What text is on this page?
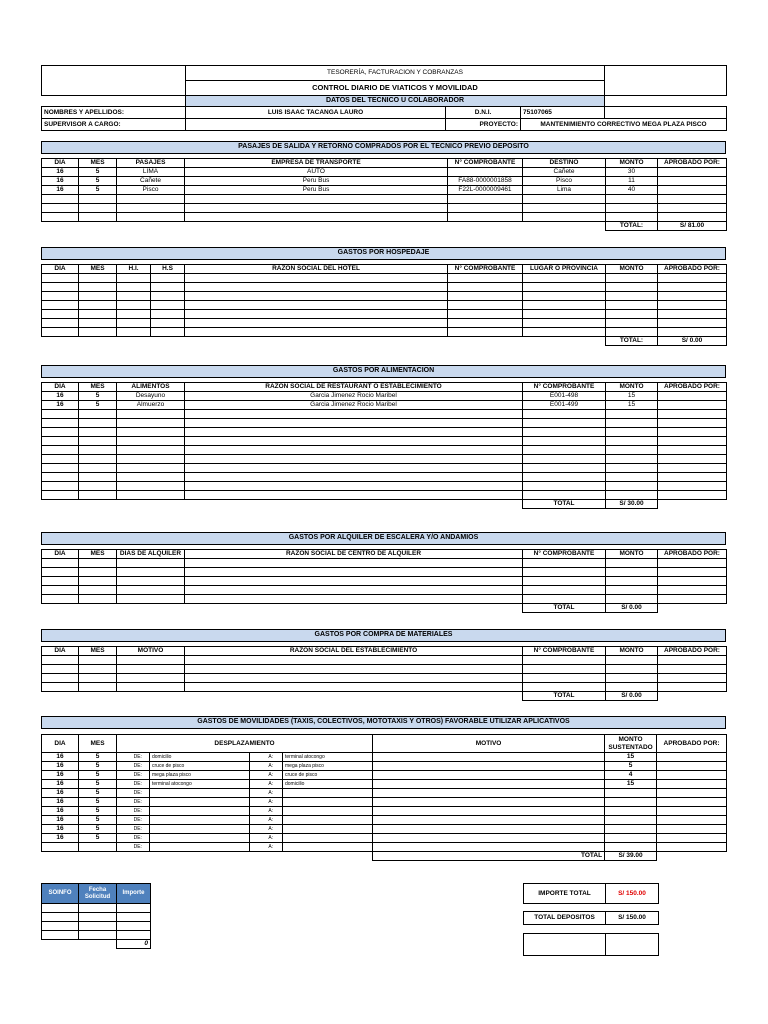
	TESORERÍA, FACTURACION Y COBRANZAS			
	CONTROL DIARIO DE VIATICOS Y MOVILIDAD			
	DATOS DEL TECNICO U COLABORADOR			
NOMBRES Y APELLIDOS:	LUIS ISAAC TACANGA LAURO	D.N.I.	75107065	
SUPERVISOR A CARGO:		PROYECTO:	MANTENIMIENTO CORRECTIVO MEGA PLAZA PISCO	
PASAJES DE SALIDA Y RETORNO COMPRADOS POR EL TECNICO PREVIO DEPOSITO
DIA	MES	PASAJES	EMPRESA DE TRANSPORTE	N° COMPROBANTE	DESTINO	MONTO	APROBADO POR:
16	5	LIMA	AUTO		Cañete	30	
16	5	Cañete	Peru Bus	FA88-0000001858	Pisco	11	
16	5	Pisco	Peru Bus	F22L-0000009461	Lima	40	

						TOTAL:	S/ 81.00
GASTOS POR HOSPEDAJE
DIA	MES	H.I.	H.S	RAZON SOCIAL DEL HOTEL	N° COMPROBANTE	LUGAR O PROVINCIA	MONTO	APROBADO POR:

							TOTAL:	S/ 0.00
GASTOS POR ALIMENTACION
DIA	MES	ALIMENTOS	RAZON SOCIAL DE RESTAURANT O ESTABLECIMIENTO	N° COMPROBANTE	MONTO	APROBADO POR:
16	5	Desayuno	Garcia Jimenez Rocio Maribel	E001-498	15	
16	5	Almuerzo	Garcia Jimenez Rocio Maribel	E001-499	15	

				TOTAL	S/ 30.00	
GASTOS POR ALQUILER DE ESCALERA Y/O ANDAMIOS
DIA	MES	DIAS DE ALQUILER	RAZON SOCIAL DE CENTRO DE ALQUILER	N° COMPROBANTE	MONTO	APROBADO POR:

				TOTAL	S/ 0.00	
GASTOS POR COMPRA DE MATERIALES
DIA	MES	MOTIVO	RAZON SOCIAL DEL ESTABLECIMIENTO	N° COMPROBANTE	MONTO	APROBADO POR:

				TOTAL	S/ 0.00	
GASTOS DE MOVILIDADES (TAXIS, COLECTIVOS, MOTOTAXIS Y OTROS) FAVORABLE UTILIZAR APLICATIVOS
DIA	MES	DESPLAZAMIENTO						MOTIVO	MONTO SUSTENTADO	APROBADO POR:
16	5		DE:	domicilio		A:	terminal atocongo		15	
16	5		DE:	cruce de pisco		A:	mega plaza pisco		5	
16	5		DE:	mega plaza pisco		A:	cruce de pisco		4	
16	5		DE:	terminal atocongo		A:	domicilio		15	
16	5		DE:			A:				
16	5		DE:			A:				
16	5		DE:			A:				
16	5		DE:			A:				
16	5		DE:			A:				
16	5		DE:			A:				
			DE:			A:				
								TOTAL	S/ 39.00	
SOINFO	Fecha Solicitud	Importe

		0
IMPORTE TOTAL	S/ 150.00
TOTAL DEPOSITOS	S/ 150.00
